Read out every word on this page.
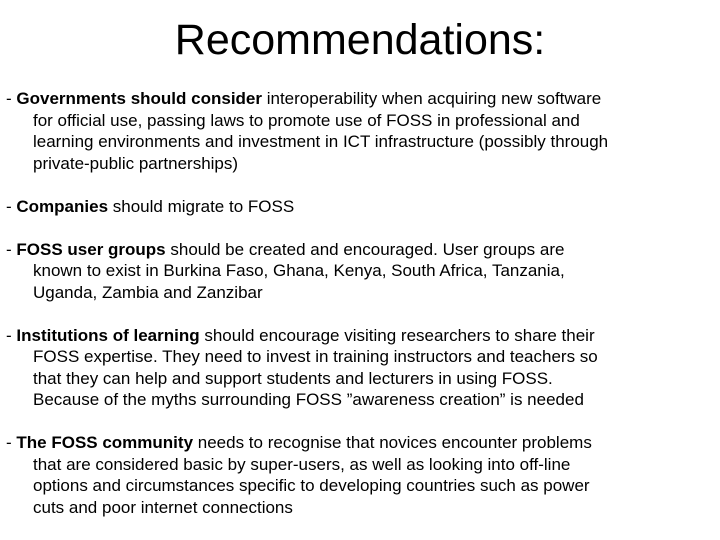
Recommendations:
- Governments should consider interoperability when acquiring new software
for official use, passing laws to promote use of FOSS in professional and
learning environments and investment in ICT infrastructure (possibly through
private-public partnerships)
- Companies should migrate to FOSS
- FOSS user groups should be created and encouraged. User groups are
known to exist in Burkina Faso, Ghana, Kenya, South Africa, Tanzania,
Uganda, Zambia and Zanzibar
- Institutions of learning should encourage visiting researchers to share their
FOSS expertise. They need to invest in training instructors and teachers so
that they can help and support students and lecturers in using FOSS.
Because of the myths surrounding FOSS ”awareness creation” is needed
- The FOSS community needs to recognise that novices encounter problems
that are considered basic by super-users, as well as looking into off-line
options and circumstances specific to developing countries such as power
cuts and poor internet connections
